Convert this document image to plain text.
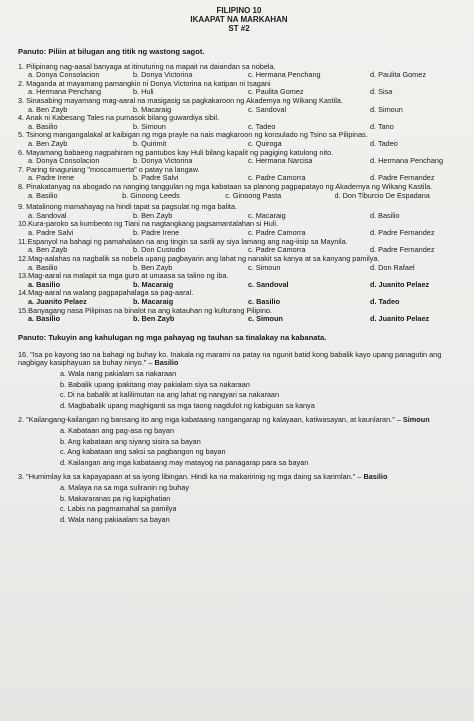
FILIPINO 10
IKAAPAT NA MARKAHAN
ST #2
Panuto: Piliin at bilugan ang titik ng wastong sagot.
1. Pilipinang nag-aasal banyaga at itinuturing na mapait na daiandan sa nobela.
a. Donya Consolacion	b. Donya Victorina	c. Hermana Penchang	d. Paulita Gomez
2. Maganda at mayamang pamangkin ni Donya Victorina na katipan ni Isagani
a. Hermana Penchang	b. Huli	c. Paulita Gomez	d. Sisa
3. Sinasabing mayamang mag-aaral na masigasig sa pagkakaroon ng Akademya ng Wikang Kastila.
a. Ben Zayb	b. Macaraig	c. Sandoval	d. Simoun
4. Anak ni Kabesang Tales na pumasok bilang guwardiya sibil.
a. Basilio	b. Simoun	c. Tadeo	d. Tano
5. Tsinong mangangalakal at kaibigan ng mga prayle na nais magkaroon ng konsulado ng Tsino sa Pilipinas.
a. Ben Zayb	b. Quirimit	c. Quiroga	d. Tadeo
6. Mayamang babaeng nagpahiram ng pantubos kay Huli bilang kapalit ng pagiging katulong nito.
a. Donya Consolacion	b. Donya Victorina	c. Hermana Narcisa	d. Hermana Penchang
7. Paring tinaguriang "moscamuerta" o patay na langaw.
a. Padre Irene	b. Padre Salvi	c. Padre Camorra	d. Padre Fernandez
8. Pinakatanyag na abogado na nanging tanggulan ng mga kabataan sa planong pagpapatayo ng Akademya ng Wikang Kastila.
a. Basilio	b. Ginoong Leeds	c. Ginoong Pasta	d. Don Tiburcio De Espadana
9. Matalinong mamahayag na hindi tapat sa pagsulat ng mga balita.
a. Sandoval	b. Ben Zayb	c. Macaraig	d. Basilio
10.Kura-paroko sa kumbento ng Tiani na nagtangkang pagsamantalahan si Huli.
a. Padre Salvi	b. Padre Irene	c. Padre Camorra	d. Padre Fernandez
11.Espanyol na bahagi ng pamahalaan na ang tingin sa sarili ay siya lamang ang nag-iisip sa Maynila.
a. Ben Zayb	b. Don Custodio	c. Padre Camorra	d. Padre Fernandez
12.Mag-aalahas na nagbalik sa nobela upang pagbayarin ang lahat ng nanakit sa kanya at sa kanyang pamilya.
a. Basilio	b. Ben Zayb	c. Simoun	d. Don Rafael
13.Mag-aaral na malapit sa mga guro at umaasa sa talino ng iba.
a. Basilio	b. Macaraig	c. Sandoval	d. Juanito Pelaez
14.Mag-aaral na walang pagpapahalaga sa pag-aaral.
a. Juanito Pelaez	b. Macaraig	c. Basilio	d. Tadeo
15.Banyagang nasa Pilipinas na binalot na ang katauhan ng kulturang Pilipino.
a. Basilio	b. Ben Zayb	c. Simoun	d. Juanito Pelaez
Panuto: Tukuyin ang kahulugan ng mga pahayag ng tauhan sa tinalakay na kabanata.
16. "Isa po kayong tao na bahagi ng buhay ko. Inakala ng marami na patay na ngunit batid kong babalik kayo upang panagutin ang nagbigay kasiphayuan sa buhay ninyo." – Basilio
a. Wala nang pakialam sa nakaraan
b. Babalik upang ipakitang may pakialam siya sa nakaraan
c. Di na babalik at kalilimutan na ang lahat ng nangyari sa nakaraan
d. Magbabalik upang maghiganti sa mga taong nagdulot ng kabiguan sa kanya
2. "Kailangang-kailangan ng bansang ito ang mga kabataang nangangarap ng kalayaan, katiwasayan, at kaunlaran." – Simoun
a. Kabataan ang pag-asa ng bayan
b. Ang kabataan ang siyang sisira sa bayan
c. Ang kabataan ang saksi sa pagbangon ng bayan
d. Kailangan ang mga kabataang may matayog na panagarap para sa bayan
3. "Humimlay ka sa kapayapaan at sa iyong libingan. Hindi ka na makaririnig ng mga daing sa karimlan." – Basilio
a. Malaya na sa mga suliranin ng buhay
b. Makararanas pa ng kapighatian
c. Labis na pagmamahal sa pamilya
d. Wala nang pakiaalam sa bayan
